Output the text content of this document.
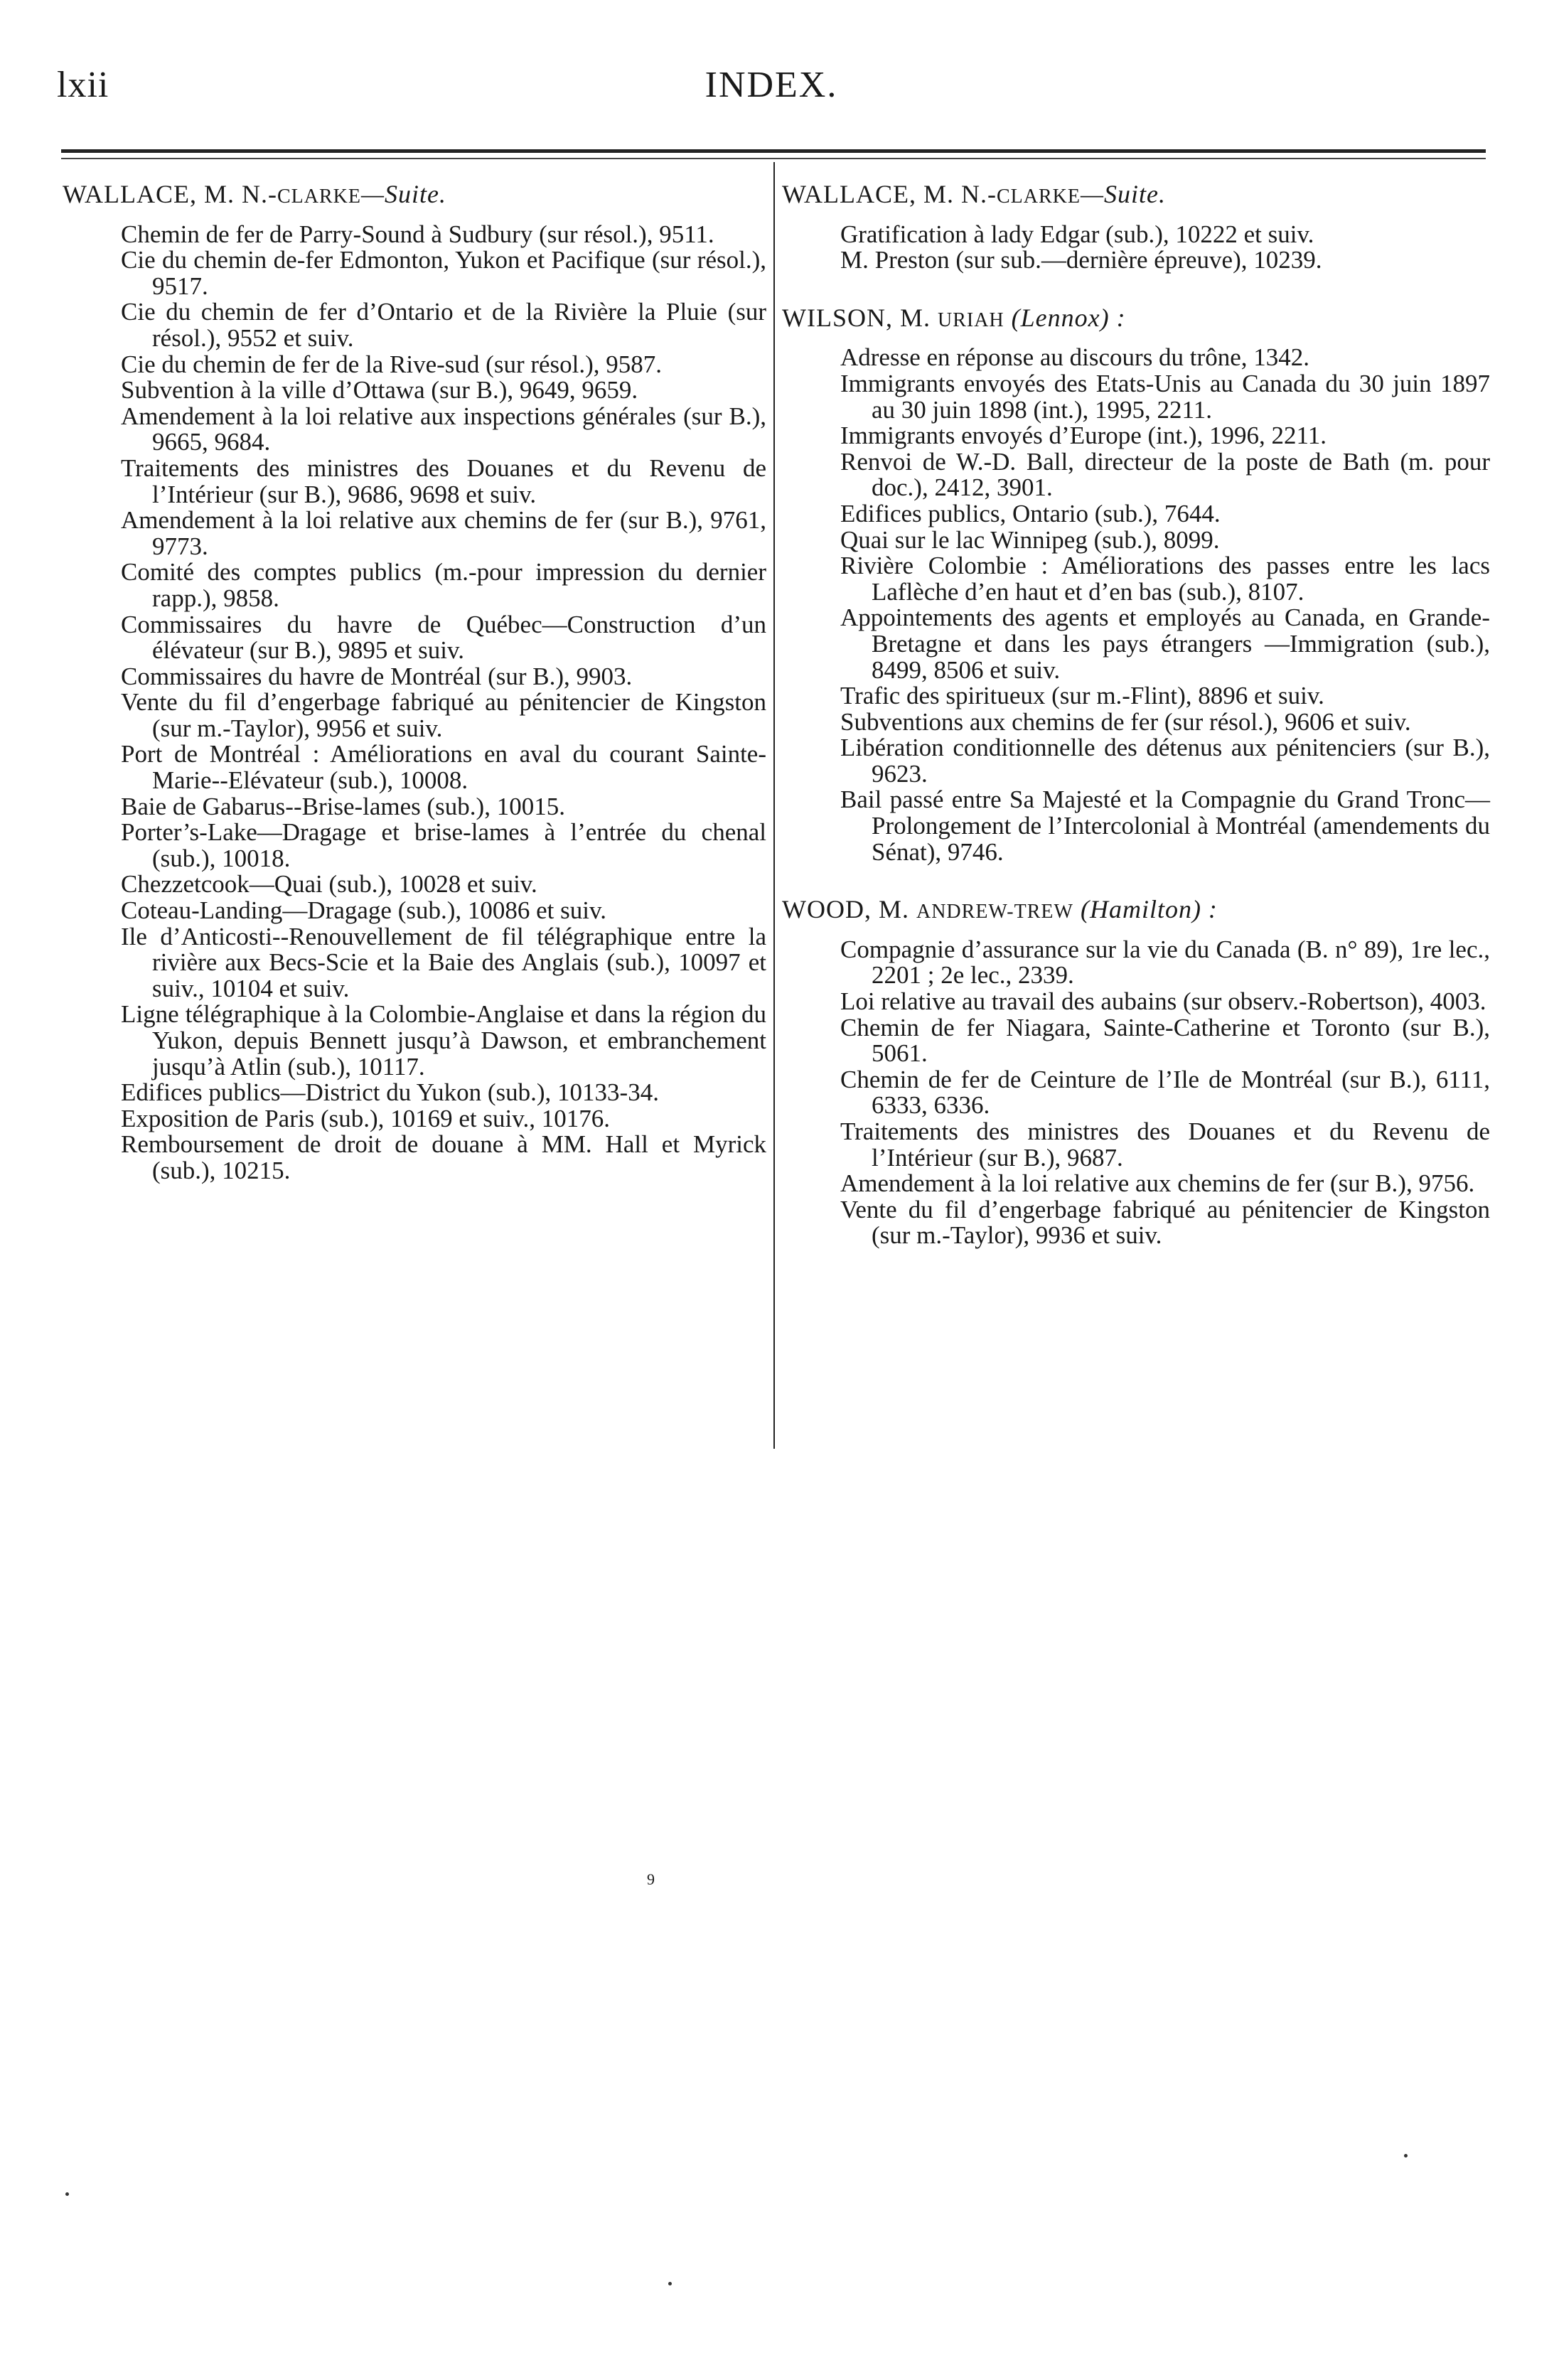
lxii	INDEX.
WALLACE, M. N.-CLARKE—Suite.
Chemin de fer de Parry-Sound à Sudbury (sur résol.), 9511.
Cie du chemin de-fer Edmonton, Yukon et Pacifique (sur résol.), 9517.
Cie du chemin de fer d’Ontario et de la Rivière la Pluie (sur résol.), 9552 et suiv.
Cie du chemin de fer de la Rive-sud (sur résol.), 9587.
Subvention à la ville d’Ottawa (sur B.), 9649, 9659.
Amendement à la loi relative aux inspections générales (sur B.), 9665, 9684.
Traitements des ministres des Douanes et du Revenu de l’Intérieur (sur B.), 9686, 9698 et suiv.
Amendement à la loi relative aux chemins de fer (sur B.), 9761, 9773.
Comité des comptes publics (m.-pour impression du dernier rapp.), 9858.
Commissaires du havre de Québec—Construction d’un élévateur (sur B.), 9895 et suiv.
Commissaires du havre de Montréal (sur B.), 9903.
Vente du fil d’engerbage fabriqué au pénitencier de Kingston (sur m.-Taylor), 9956 et suiv.
Port de Montréal : Améliorations en aval du courant Sainte-Marie--Elévateur (sub.), 10008.
Baie de Gabarus--Brise-lames (sub.), 10015.
Porter’s-Lake—Dragage et brise-lames à l’entrée du chenal (sub.), 10018.
Chezzetcook—Quai (sub.), 10028 et suiv.
Coteau-Landing—Dragage (sub.), 10086 et suiv.
Ile d’Anticosti--Renouvellement de fil télégraphique entre la rivière aux Becs-Scie et la Baie des Anglais (sub.), 10097 et suiv., 10104 et suiv.
Ligne télégraphique à la Colombie-Anglaise et dans la région du Yukon, depuis Bennett jusqu’à Dawson, et embranchement jusqu’à Atlin (sub.), 10117.
Edifices publics—District du Yukon (sub.), 10133-34.
Exposition de Paris (sub.), 10169 et suiv., 10176.
Remboursement de droit de douane à MM. Hall et Myrick (sub.), 10215.
WALLACE, M. N.-CLARKE—Suite.
Gratification à lady Edgar (sub.), 10222 et suiv.
M. Preston (sur sub.—dernière épreuve), 10239.
WILSON, M. URIAH (Lennox) :
Adresse en réponse au discours du trône, 1342.
Immigrants envoyés des Etats-Unis au Canada du 30 juin 1897 au 30 juin 1898 (int.), 1995, 2211.
Immigrants envoyés d’Europe (int.), 1996, 2211.
Renvoi de W.-D. Ball, directeur de la poste de Bath (m. pour doc.), 2412, 3901.
Edifices publics, Ontario (sub.), 7644.
Quai sur le lac Winnipeg (sub.), 8099.
Rivière Colombie : Améliorations des passes entre les lacs Laflèche d’en haut et d’en bas (sub.), 8107.
Appointements des agents et employés au Canada, en Grande-Bretagne et dans les pays étrangers —Immigration (sub.), 8499, 8506 et suiv.
Trafic des spiritueux (sur m.-Flint), 8896 et suiv.
Subventions aux chemins de fer (sur résol.), 9606 et suiv.
Libération conditionnelle des détenus aux pénitenciers (sur B.), 9623.
Bail passé entre Sa Majesté et la Compagnie du Grand Tronc—Prolongement de l’Intercolonial à Montréal (amendements du Sénat), 9746.
WOOD, M. ANDREW-TREW (Hamilton) :
Compagnie d’assurance sur la vie du Canada (B. n° 89), 1re lec., 2201 ; 2e lec., 2339.
Loi relative au travail des aubains (sur observ.-Robertson), 4003.
Chemin de fer Niagara, Sainte-Catherine et Toronto (sur B.), 5061.
Chemin de fer de Ceinture de l’Ile de Montréal (sur B.), 6111, 6333, 6336.
Traitements des ministres des Douanes et du Revenu de l’Intérieur (sur B.), 9687.
Amendement à la loi relative aux chemins de fer (sur B.), 9756.
Vente du fil d’engerbage fabriqué au pénitencier de Kingston (sur m.-Taylor), 9936 et suiv.
9
